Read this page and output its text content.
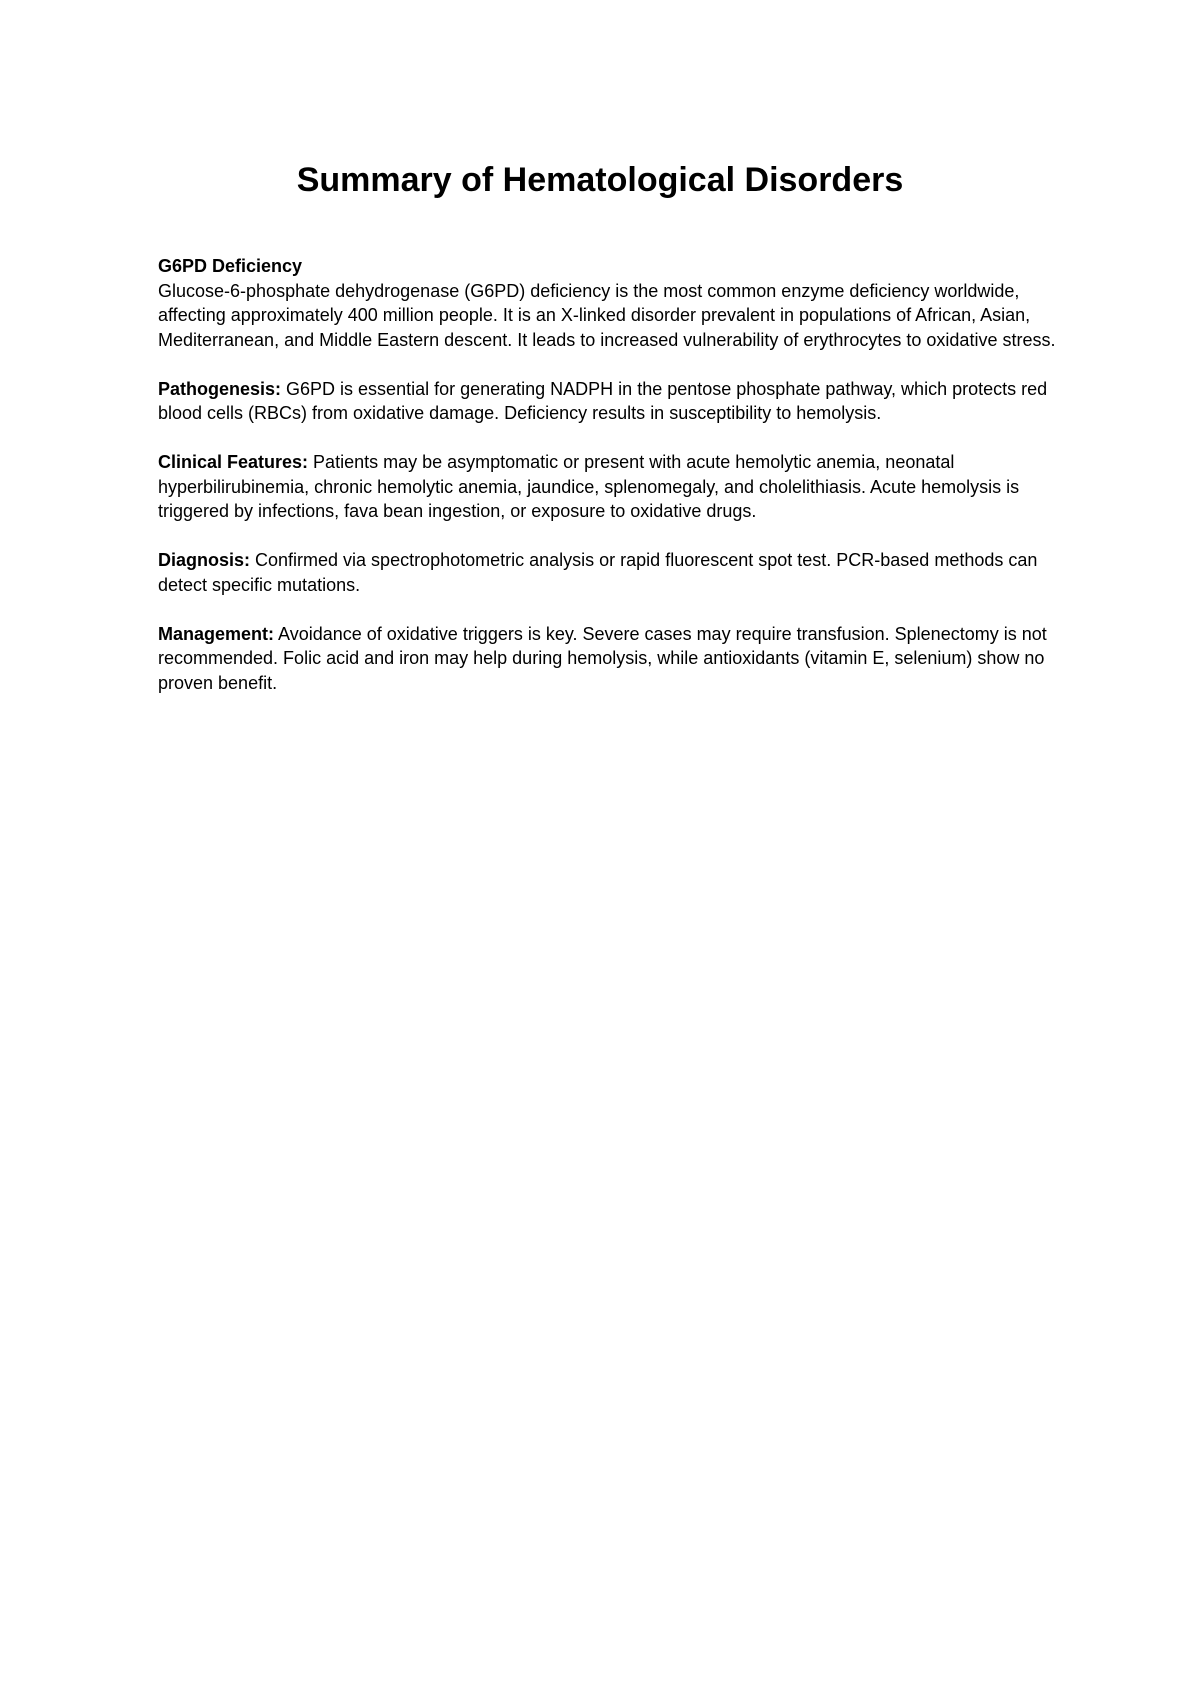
Summary of Hematological Disorders

G6PD Deficiency

Glucose-6-phosphate dehydrogenase (G6PD) deficiency is the most common enzyme deficiency worldwide, affecting approximately 400 million people. It is an X-linked disorder prevalent in populations of African, Asian, Mediterranean, and Middle Eastern descent. It leads to increased vulnerability of erythrocytes to oxidative stress.

Pathogenesis: G6PD is essential for generating NADPH in the pentose phosphate pathway, which protects red blood cells (RBCs) from oxidative damage. Deficiency results in susceptibility to hemolysis.

Clinical Features: Patients may be asymptomatic or present with acute hemolytic anemia, neonatal hyperbilirubinemia, chronic hemolytic anemia, jaundice, splenomegaly, and cholelithiasis. Acute hemolysis is triggered by infections, fava bean ingestion, or exposure to oxidative drugs.

Diagnosis: Confirmed via spectrophotometric analysis or rapid fluorescent spot test. PCR-based methods can detect specific mutations.

Management: Avoidance of oxidative triggers is key. Severe cases may require transfusion. Splenectomy is not recommended. Folic acid and iron may help during hemolysis, while antioxidants (vitamin E, selenium) show no proven benefit.
